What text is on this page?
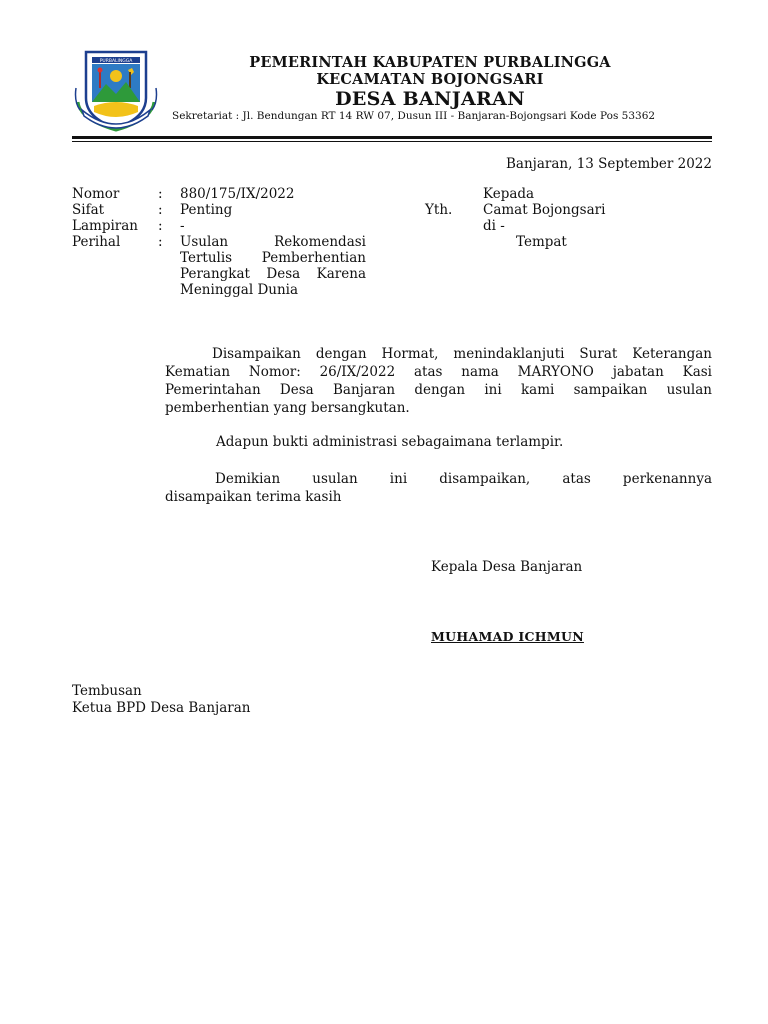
PURBALINGGA	PEMERINTAH KABUPATEN PURBALINGGA
KECAMATAN BOJONGSARI
DESA BANJARAN
Sekretariat : Jl. Bendungan RT 14 RW 07, Dusun III - Banjaran-Bojongsari Kode Pos 53362
Banjaran, 13 September 2022
Nomor	: 880/175/IX/2022
Sifat	: Penting
Lampiran : -
Perihal	: Usulan Rekomendasi
Tertulis Pemberhentian
Perangkat Desa Karena
Meninggal Dunia
Kepada
Yth. Camat Bojongsari
di -
Tempat
Disampaikan dengan Hormat, menindaklanjuti Surat Keterangan
Kematian Nomor: 26/IX/2022 atas nama MARYONO jabatan Kasi
Pemerintahan Desa Banjaran dengan ini kami sampaikan usulan
pemberhentian yang bersangkutan.
Adapun bukti administrasi sebagaimana terlampir.
Demikian usulan ini disampaikan, atas perkenannya
disampaikan terima kasih
Kepala Desa Banjaran
MUHAMAD ICHMUN
Tembusan
Ketua BPD Desa Banjaran
